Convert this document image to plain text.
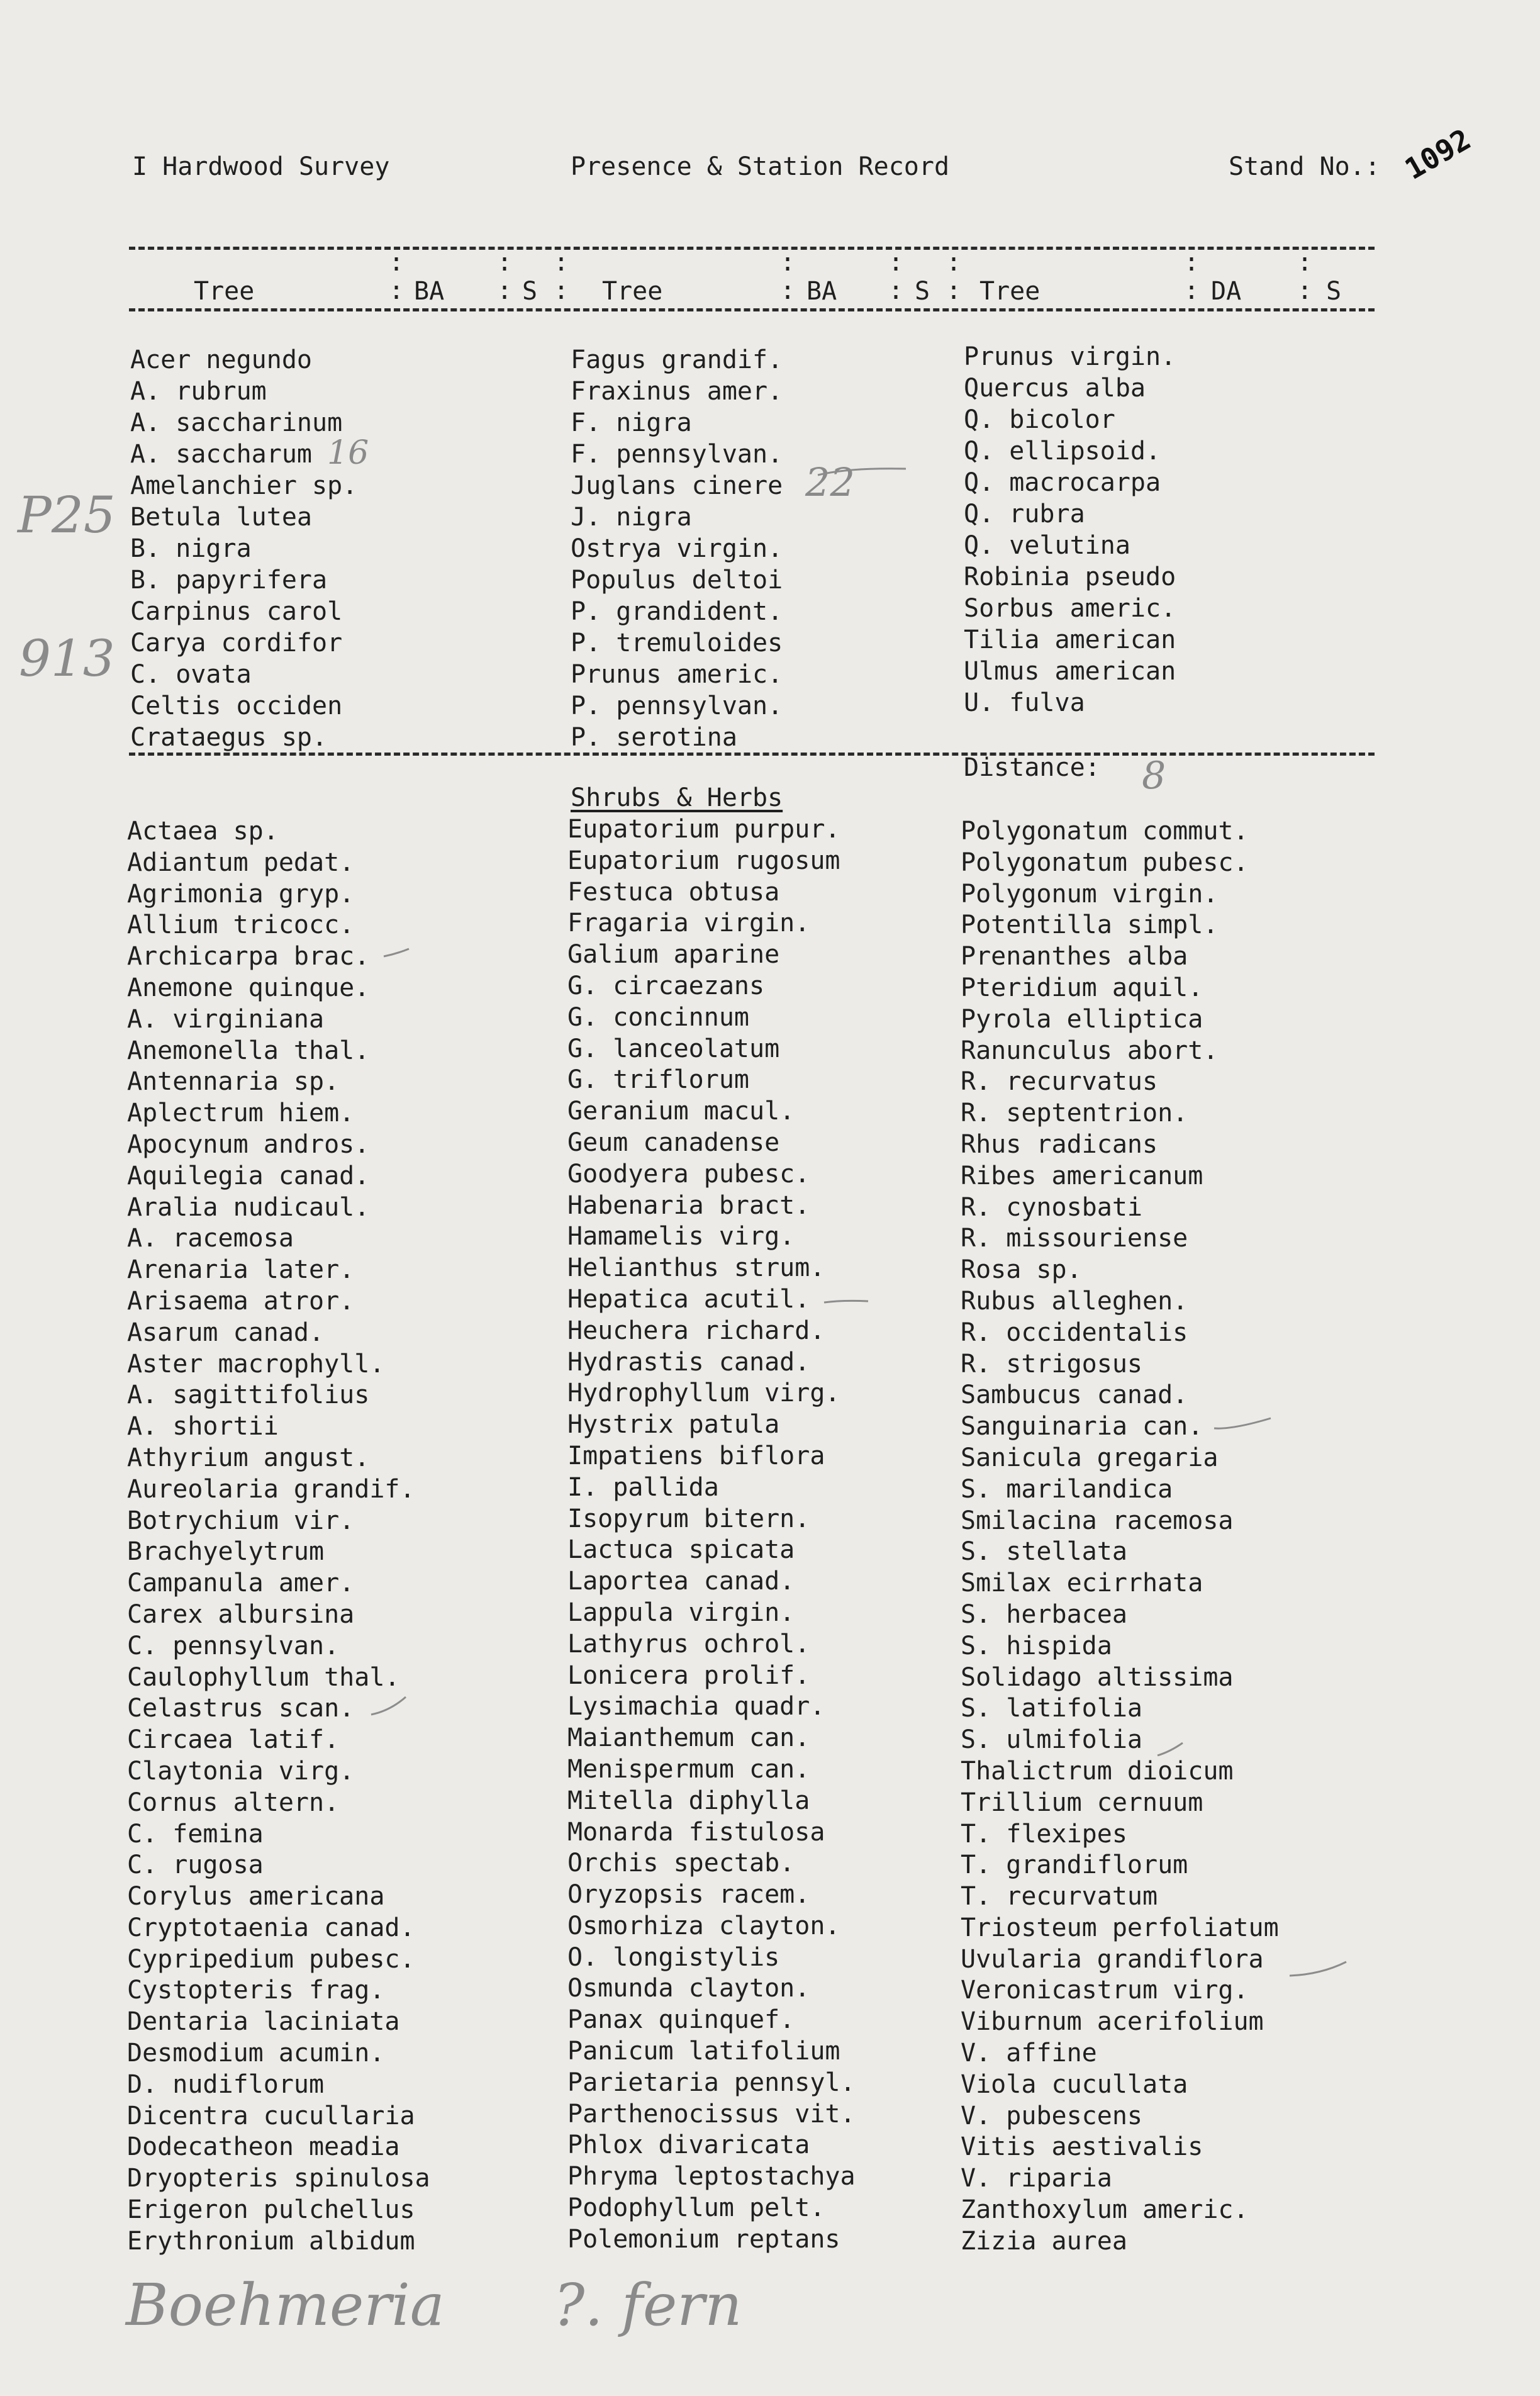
I Hardwood Survey	Presence & Station Record	Stand No.: 1092
:
:
:
:
:
:
:
:
:
:
:
:
:
:
:
:
Tree	BA	S	Tree	BA	S Tree	DA	S
Acer negundo
A. rubrum
A. saccharinum
A. saccharum
Amelanchier sp.
Betula lutea
B. nigra
B. papyrifera
Carpinus carol
Carya cordifor
C. ovata
Celtis occiden
Crataegus sp.
Fagus grandif.
Fraxinus amer.
F. nigra
F. pennsylvan.
Juglans cinere
J. nigra
Ostrya virgin.
Populus deltoi
P. grandident.
P. tremuloides
Prunus americ.
P. pennsylvan.
P. serotina
Prunus virgin.
Quercus alba
Q. bicolor
Q. ellipsoid.
Q. macrocarpa
Q. rubra
Q. velutina
Robinia pseudo
Sorbus americ.
Tilia american
Ulmus american
U. fulva
Distance:
Shrubs & Herbs
Actaea sp.
Adiantum pedat.
Agrimonia gryp.
Allium tricocc.
Archicarpa brac.
Anemone quinque.
A. virginiana
Anemonella thal.
Antennaria sp.
Aplectrum hiem.
Apocynum andros.
Aquilegia canad.
Aralia nudicaul.
A. racemosa
Arenaria later.
Arisaema atror.
Asarum canad.
Aster macrophyll.
A. sagittifolius
A. shortii
Athyrium angust.
Aureolaria grandif.
Botrychium vir.
Brachyelytrum
Campanula amer.
Carex albursina
C. pennsylvan.
Caulophyllum thal.
Celastrus scan.
Circaea latif.
Claytonia virg.
Cornus altern.
C. femina
C. rugosa
Corylus americana
Cryptotaenia canad.
Cypripedium pubesc.
Cystopteris frag.
Dentaria laciniata
Desmodium acumin.
D. nudiflorum
Dicentra cucullaria
Dodecatheon meadia
Dryopteris spinulosa
Erigeron pulchellus
Erythronium albidum
Eupatorium purpur.
Eupatorium rugosum
Festuca obtusa
Fragaria virgin.
Galium aparine
G. circaezans
G. concinnum
G. lanceolatum
G. triflorum
Geranium macul.
Geum canadense
Goodyera pubesc.
Habenaria bract.
Hamamelis virg.
Helianthus strum.
Hepatica acutil.
Heuchera richard.
Hydrastis canad.
Hydrophyllum virg.
Hystrix patula
Impatiens biflora
I. pallida
Isopyrum bitern.
Lactuca spicata
Laportea canad.
Lappula virgin.
Lathyrus ochrol.
Lonicera prolif.
Lysimachia quadr.
Maianthemum can.
Menispermum can.
Mitella diphylla
Monarda fistulosa
Orchis spectab.
Oryzopsis racem.
Osmorhiza clayton.
O. longistylis
Osmunda clayton.
Panax quinquef.
Panicum latifolium
Parietaria pennsyl.
Parthenocissus vit.
Phlox divaricata
Phryma leptostachya
Podophyllum pelt.
Polemonium reptans
Polygonatum commut.
Polygonatum pubesc.
Polygonum virgin.
Potentilla simpl.
Prenanthes alba
Pteridium aquil.
Pyrola elliptica
Ranunculus abort.
R. recurvatus
R. septentrion.
Rhus radicans
Ribes americanum
R. cynosbati
R. missouriense
Rosa sp.
Rubus alleghen.
R. occidentalis
R. strigosus
Sambucus canad.
Sanguinaria can.
Sanicula gregaria
S. marilandica
Smilacina racemosa
S. stellata
Smilax ecirrhata
S. herbacea
S. hispida
Solidago altissima
S. latifolia
S. ulmifolia
Thalictrum dioicum
Trillium cernuum
T. flexipes
T. grandiflorum
T. recurvatum
Triosteum perfoliatum
Uvularia grandiflora
Veronicastrum virg.
Viburnum acerifolium
V. affine
Viola cucullata
V. pubescens
Vitis aestivalis
V. riparia
Zanthoxylum americ.
Zizia aurea
P25
913
16
22
8
Boehmeria ?. fern
